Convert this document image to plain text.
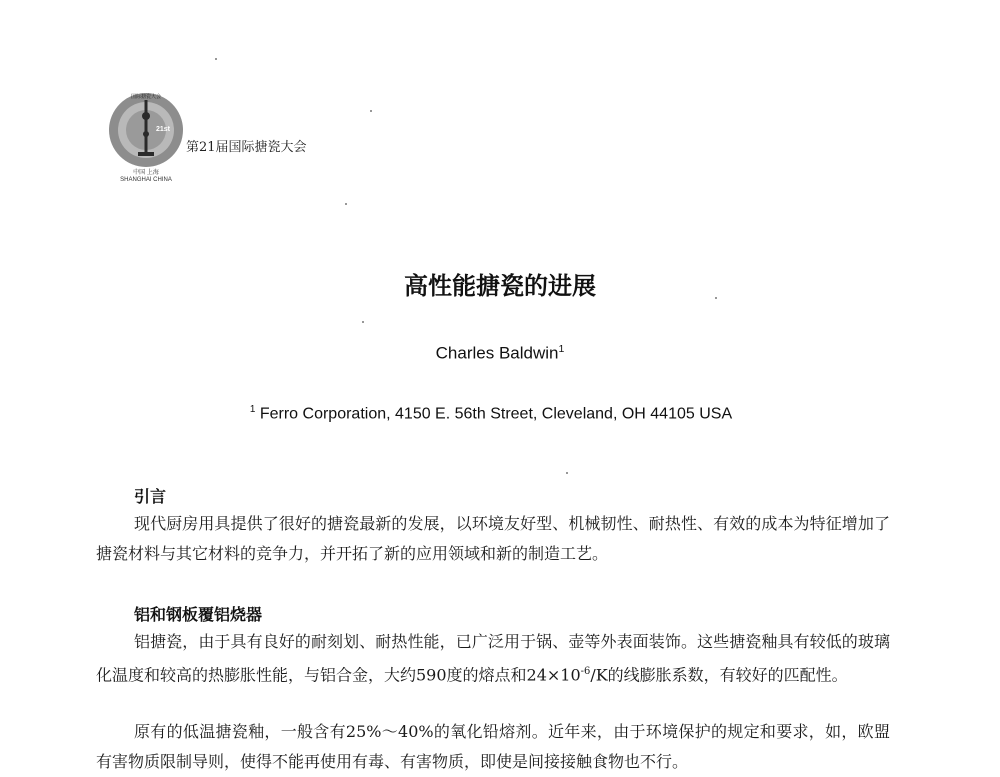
21st
国际搪瓷大会
中国 上海
SHANGHAI CHINA
第21届国际搪瓷大会
高性能搪瓷的进展
Charles Baldwin$^1$
$^1$ Ferro Corporation, 4150 E. 56th Street, Cleveland, OH 44105 USA
引言

现代厨房用具提供了很好的搪瓷最新的发展，以环境友好型、机械韧性、耐热性、有效的成本为特征增加了搪瓷材料与其它材料的竞争力，并开拓了新的应用领域和新的制造工艺。

铝和钢板覆铝烧器

铝搪瓷，由于具有良好的耐刻划、耐热性能，已广泛用于锅、壶等外表面装饰。这些搪瓷釉具有较低的玻璃化温度和较高的热膨胀性能，与铝合金，大约590度的熔点和$24\times 10^{-6}/K$的线膨胀系数，有较好的匹配性。

原有的低温搪瓷釉，一般含有25%～40%的氧化铅熔剂。近年来，由于环境保护的规定和要求，如，欧盟有害物质限制导则，使得不能再使用有毒、有害物质，即使是间接接触食物也不行。
